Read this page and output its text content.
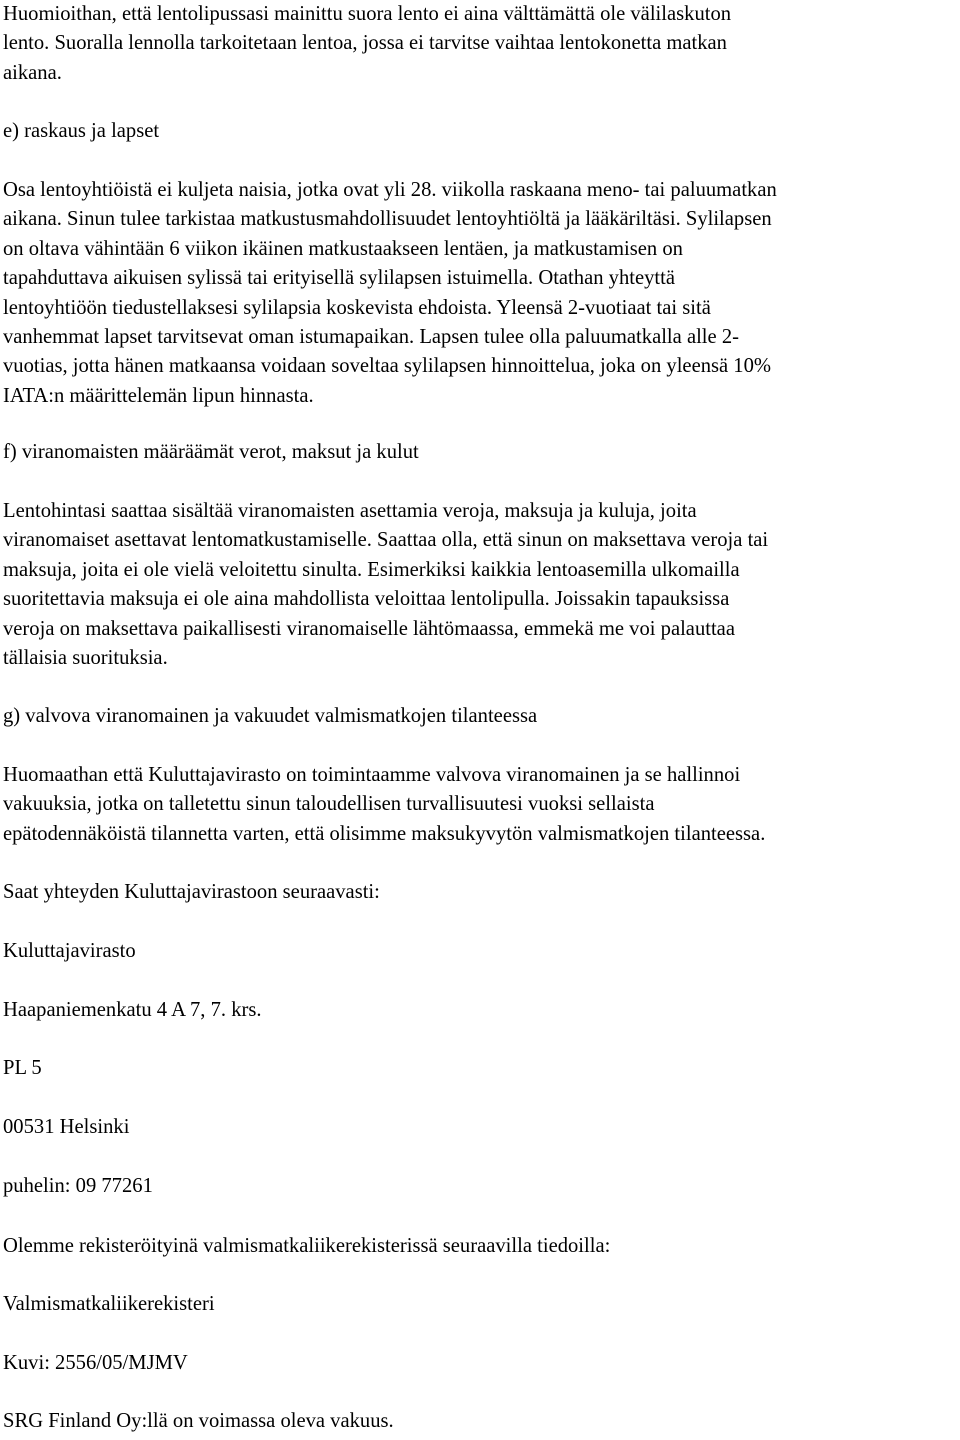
Huomioithan, että lentolipussasi mainittu suora lento ei aina välttämättä ole välilaskuton
lento. Suoralla lennolla tarkoitetaan lentoa, jossa ei tarvitse vaihtaa lentokonetta matkan
aikana.
e) raskaus ja lapset
Osa lentoyhtiöistä ei kuljeta naisia, jotka ovat yli 28. viikolla raskaana meno- tai paluumatkan
aikana. Sinun tulee tarkistaa matkustusmahdollisuudet lentoyhtiöltä ja lääkäriltäsi. Sylilapsen
on oltava vähintään 6 viikon ikäinen matkustaakseen lentäen, ja matkustamisen on
tapahduttava aikuisen sylissä tai erityisellä sylilapsen istuimella. Otathan yhteyttä
lentoyhtiöön tiedustellaksesi sylilapsia koskevista ehdoista. Yleensä 2-vuotiaat tai sitä
vanhemmat lapset tarvitsevat oman istumapaikan. Lapsen tulee olla paluumatkalla alle 2-
vuotias, jotta hänen matkaansa voidaan soveltaa sylilapsen hinnoittelua, joka on yleensä 10%
IATA:n määrittelemän lipun hinnasta.
f) viranomaisten määräämät verot, maksut ja kulut
Lentohintasi saattaa sisältää viranomaisten asettamia veroja, maksuja ja kuluja, joita
viranomaiset asettavat lentomatkustamiselle. Saattaa olla, että sinun on maksettava veroja tai
maksuja, joita ei ole vielä veloitettu sinulta. Esimerkiksi kaikkia lentoasemilla ulkomailla
suoritettavia maksuja ei ole aina mahdollista veloittaa lentolipulla. Joissakin tapauksissa
veroja on maksettava paikallisesti viranomaiselle lähtömaassa, emmekä me voi palauttaa
tällaisia suorituksia.
g) valvova viranomainen ja vakuudet valmismatkojen tilanteessa
Huomaathan että Kuluttajavirasto on toimintaamme valvova viranomainen ja se hallinnoi
vakuuksia, jotka on talletettu sinun taloudellisen turvallisuutesi vuoksi sellaista
epätodennäköistä tilannetta varten, että olisimme maksukyvytön valmismatkojen tilanteessa.
Saat yhteyden Kuluttajavirastoon seuraavasti:
Kuluttajavirasto
Haapaniemenkatu 4 A 7, 7. krs.
PL 5
00531 Helsinki
puhelin: 09 77261
Olemme rekisteröityinä valmismatkaliikerekisterissä seuraavilla tiedoilla:
Valmismatkaliikerekisteri
Kuvi: 2556/05/MJMV
SRG Finland Oy:llä on voimassa oleva vakuus.
